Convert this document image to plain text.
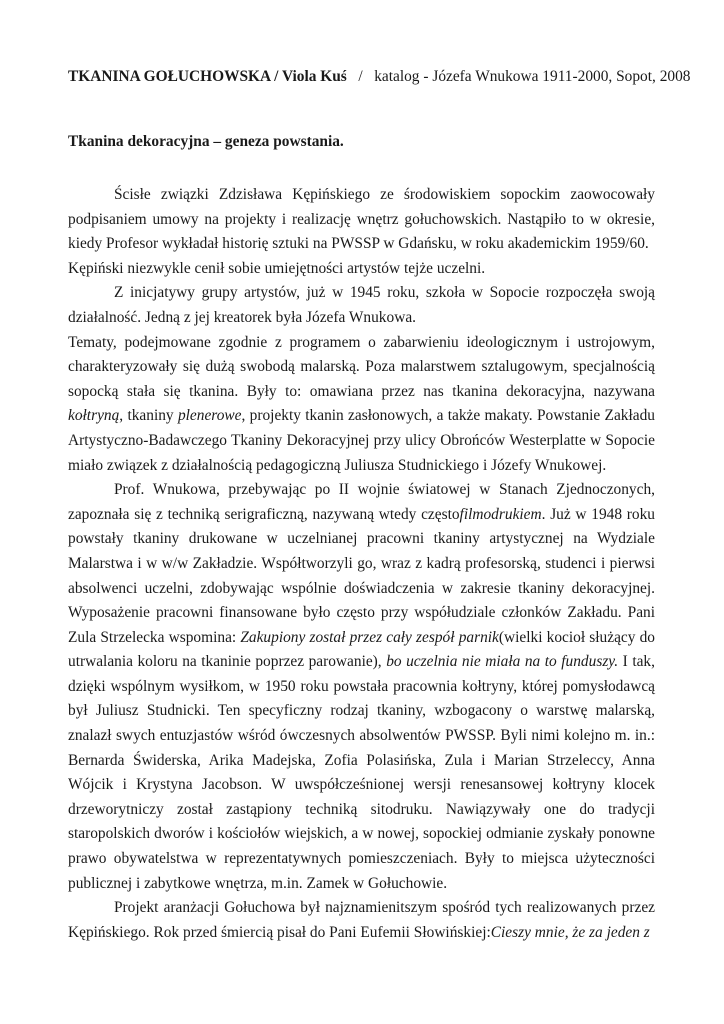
TKANINA GOŁUCHOWSKA / Viola Kuś / katalog - Józefa Wnukowa 1911-2000, Sopot, 2008
Tkanina dekoracyjna – geneza powstania.

Ścisłe związki Zdzisława Kępińskiego ze środowiskiem sopockim zaowocowały podpisaniem umowy na projekty i realizację wnętrz gołuchowskich. Nastąpiło to w okresie, kiedy Profesor wykładał historię sztuki na PWSSP w Gdańsku, w roku akademickim 1959/60.

Kępiński niezwykle cenił sobie umiejętności artystów tejże uczelni.

Z inicjatywy grupy artystów, już w 1945 roku, szkoła w Sopocie rozpoczęła swoją działalność. Jedną z jej kreatorek była Józefa Wnukowa.

Tematy, podejmowane zgodnie z programem o zabarwieniu ideologicznym i ustrojowym, charakteryzowały się dużą swobodą malarską. Poza malarstwem sztalugowym, specjalnością sopocką stała się tkanina. Były to: omawiana przez nas tkanina dekoracyjna, nazywana kołtryną, tkaniny plenerowe, projekty tkanin zasłonowych, a także makaty. Powstanie Zakładu Artystyczno-Badawczego Tkaniny Dekoracyjnej przy ulicy Obrońców Westerplatte w Sopocie miało związek z działalnością pedagogiczną Juliusza Studnickiego i Józefy Wnukowej.

Prof. Wnukowa, przebywając po II wojnie światowej w Stanach Zjednoczonych, zapoznała się z techniką serigraficzną, nazywaną wtedy częstofilmodrukiem. Już w 1948 roku powstały tkaniny drukowane w uczelnianej pracowni tkaniny artystycznej na Wydziale Malarstwa i w w/w Zakładzie. Współtworzyli go, wraz z kadrą profesorską, studenci i pierwsi absolwenci uczelni, zdobywając wspólnie doświadczenia w zakresie tkaniny dekoracyjnej. Wyposażenie pracowni finansowane było często przy współudziale członków Zakładu. Pani Zula Strzelecka wspomina: Zakupiony został przez cały zespół parnik(wielki kocioł służący do utrwalania koloru na tkaninie poprzez parowanie), bo uczelnia nie miała na to funduszy. I tak, dzięki wspólnym wysiłkom, w 1950 roku powstała pracownia kołtryny, której pomysłodawcą był Juliusz Studnicki. Ten specyficzny rodzaj tkaniny, wzbogacony o warstwę malarską, znalazł swych entuzjastów wśród ówczesnych absolwentów PWSSP. Byli nimi kolejno m. in.: Bernarda Świderska, Arika Madejska, Zofia Polasińska, Zula i Marian Strzeleccy, Anna Wójcik i Krystyna Jacobson. W uwspółcześnionej wersji renesansowej kołtryny klocek drzeworytniczy został zastąpiony techniką sitodruku. Nawiązywały one do tradycji staropolskich dworów i kościołów wiejskich, a w nowej, sopockiej odmianie zyskały ponowne prawo obywatelstwa w reprezentatywnych pomieszczeniach. Były to miejsca użyteczności publicznej i zabytkowe wnętrza, m.in. Zamek w Gołuchowie.

Projekt aranżacji Gołuchowa był najznamienitszym spośród tych realizowanych przez Kępińskiego. Rok przed śmiercią pisał do Pani Eufemii Słowińskiej:Cieszy mnie, że za jeden z
